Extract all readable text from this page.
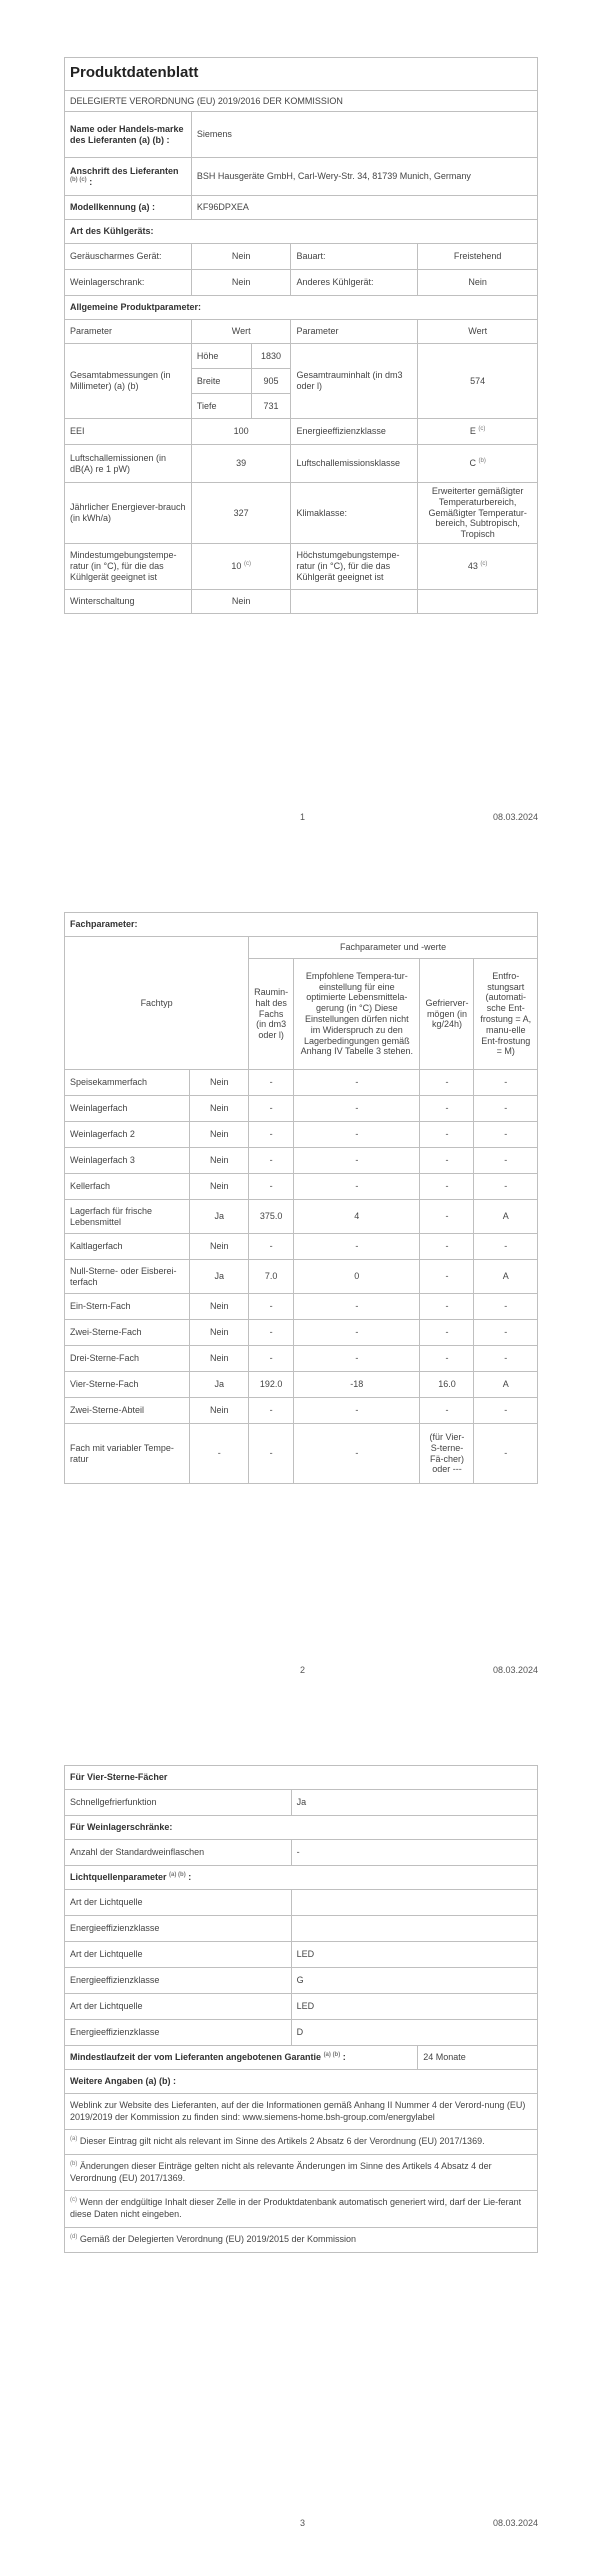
Produktdatenblatt				
DELEGIERTE VERORDNUNG (EU) 2019/2016 DER KOMMISSION				
Name oder Handels-marke des Lieferanten (a) (b) :	Siemens			
Anschrift des Lieferanten $^{(b) (c)}$ :	BSH Hausgeräte GmbH, Carl-Wery-Str. 34, 81739 Munich, Germany			
Modellkennung (a) :	KF96DPXEA			
Art des Kühlgeräts:				
Geräuscharmes Gerät:	Nein		Bauart:	Freistehend
Weinlagerschrank:	Nein		Anderes Kühlgerät:	Nein
Allgemeine Produktparameter:				
Parameter	Wert		Parameter	Wert
Gesamtabmessungen (in Millimeter) (a) (b)	Höhe	1830	Gesamtrauminhalt (in dm3 oder l)	574
	Breite	905		
	Tiefe	731		
EEI	100		Energieeffizienzklasse	E $^{(c)}$
Luftschallemissionen (in dB(A) re 1 pW)	39		Luftschallemissionsklasse	C $^{(b)}$
Jährlicher Energiever-brauch (in kWh/a)	327		Klimaklasse:	Erweiterter gemäßigter Temperaturbereich, Gemäßigter Temperatur-bereich, Subtropisch, Tropisch
Mindestumgebungstempe-ratur (in °C), für die das Kühlgerät geeignet ist	10 $^{(c)}$		Höchstumgebungstempe-ratur (in °C), für die das Kühlgerät geeignet ist	43 $^{(c)}$
Winterschaltung	Nein			
1	08.03.2024
Fachparameter:					
Fachtyp		Fachparameter und -werte			
		Raumin-halt des Fachs (in dm3 oder l)	Empfohlene Tempera-tur-einstellung für eine optimierte Lebensmittela-gerung (in °C) Diese Einstellungen dürfen nicht im Widerspruch zu den Lagerbedingungen gemäß Anhang IV Tabelle 3 stehen.	Gefrierver-mögen (in kg/24h)	Entfro-stungsart (automati-sche Ent-frostung = A, manu-elle Ent-frostung = M)
Speisekammerfach	Nein	-	-	-	-
Weinlagerfach	Nein	-	-	-	-
Weinlagerfach 2	Nein	-	-	-	-
Weinlagerfach 3	Nein	-	-	-	-
Kellerfach	Nein	-	-	-	-
Lagerfach für frische Lebensmittel	Ja	375.0	4	-	A
Kaltlagerfach	Nein	-	-	-	-
Null-Sterne- oder Eisberei-terfach	Ja	7.0	0	-	A
Ein-Stern-Fach	Nein	-	-	-	-
Zwei-Sterne-Fach	Nein	-	-	-	-
Drei-Sterne-Fach	Nein	-	-	-	-
Vier-Sterne-Fach	Ja	192.0	-18	16.0	A
Zwei-Sterne-Abteil	Nein	-	-	-	-
Fach mit variabler Tempe-ratur	-	-	-	(für Vier-S-terne-Fä-cher) oder ---	-
2	08.03.2024
Für Vier-Sterne-Fächer		
Schnellgefrierfunktion	Ja	
Für Weinlagerschränke:		
Anzahl der Standardweinflaschen	-	
Lichtquellenparameter $^{(a) (b)}$ :		
Art der Lichtquelle		
Energieeffizienzklasse		
Art der Lichtquelle	LED	
Energieeffizienzklasse	G	
Art der Lichtquelle	LED	
Energieeffizienzklasse	D	
Mindestlaufzeit der vom Lieferanten angebotenen Garantie $^{(a) (b)}$ :		24 Monate
Weitere Angaben (a) (b) :		
Weblink zur Website des Lieferanten, auf der die Informationen gemäß Anhang II Nummer 4 der Verord-nung (EU) 2019/2019 der Kommission zu finden sind: www.siemens-home.bsh-group.com/energylabel		
$^{(a)}$ Dieser Eintrag gilt nicht als relevant im Sinne des Artikels 2 Absatz 6 der Verordnung (EU) 2017/1369.		
$^{(b)}$ Änderungen dieser Einträge gelten nicht als relevante Änderungen im Sinne des Artikels 4 Absatz 4 der Verordnung (EU) 2017/1369.		
$^{(c)}$ Wenn der endgültige Inhalt dieser Zelle in der Produktdatenbank automatisch generiert wird, darf der Lie-ferant diese Daten nicht eingeben.		
$^{(d)}$ Gemäß der Delegierten Verordnung (EU) 2019/2015 der Kommission		
3	08.03.2024
